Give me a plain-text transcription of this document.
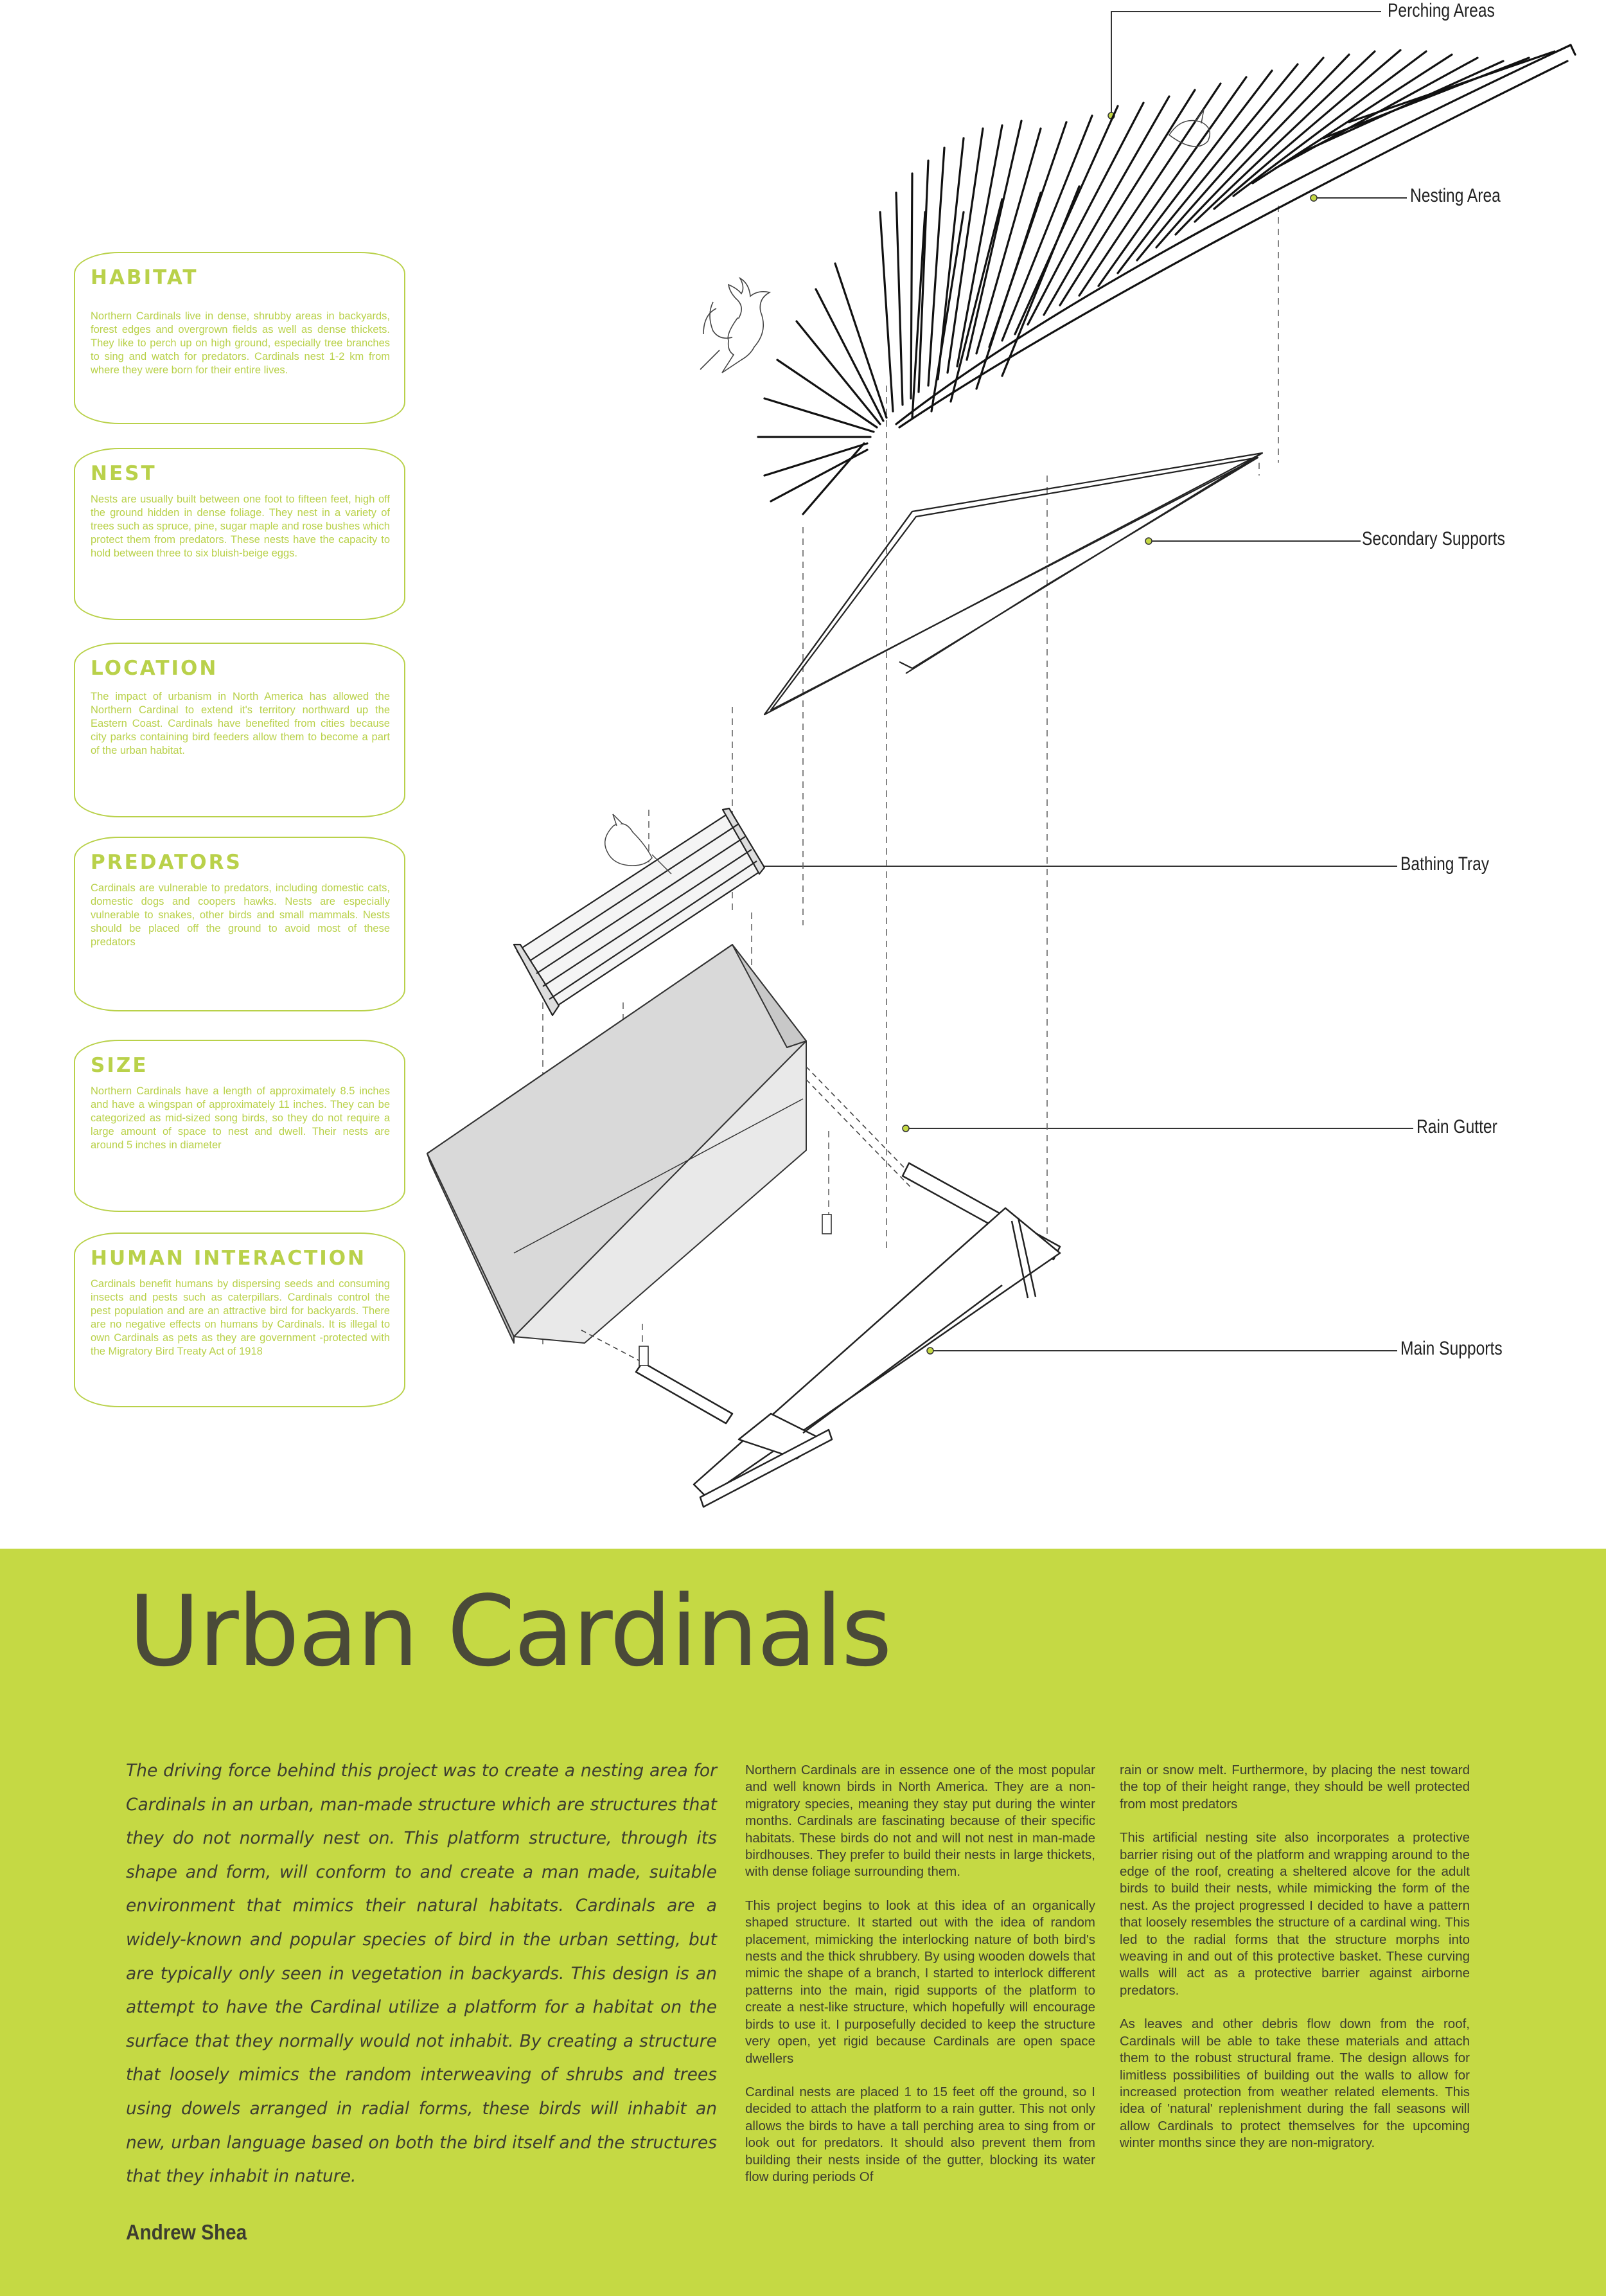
Perching Areas
Nesting Area
Secondary Supports
Bathing Tray
Rain Gutter
Main Supports
HABITAT

Northern Cardinals live in dense, shrubby areas in backyards, forest edges and overgrown fields as well as dense thickets. They like to perch up on high ground, especially tree branches to sing and watch for predators. Cardinals nest 1-2 km from where they were born for their entire lives.

NEST

Nests are usually built between one foot to fifteen feet, high off the ground hidden in dense foliage. They nest in a variety of trees such as spruce, pine, sugar maple and rose bushes which protect them from predators. These nests have the capacity to hold between three to six bluish-beige eggs.

LOCATION

The impact of urbanism in North America has allowed the Northern Cardinal to extend it's territory northward up the Eastern Coast. Cardinals have benefited from cities because city parks containing bird feeders allow them to become a part of the urban habitat.

PREDATORS

Cardinals are vulnerable to predators, including domestic cats, domestic dogs and coopers hawks. Nests are especially vulnerable to snakes, other birds and small mammals. Nests should be placed off the ground to avoid most of these predators

SIZE

Northern Cardinals have a length of approximately 8.5 inches and have a wingspan of approximately 11 inches. They can be categorized as mid-sized song birds, so they do not require a large amount of space to nest and dwell. Their nests are around 5 inches in diameter

HUMAN INTERACTION

Cardinals benefit humans by dispersing seeds and consuming insects and pests such as caterpillars. Cardinals control the pest population and are an attractive bird for backyards. There are no negative effects on humans by Cardinals. It is illegal to own Cardinals as pets as they are government -protected with the Migratory Bird Treaty Act of 1918

Urban Cardinals
The driving force behind this project was to create a nesting area for Cardinals in an urban, man-made structure which are structures that they do not normally nest on. This platform structure, through its shape and form, will conform to and create a man made, suitable environment that mimics their natural habitats. Cardinals are a widely-known and popular species of bird in the urban setting, but are typically only seen in vegetation in backyards. This design is an attempt to have the Cardinal utilize a platform for a habitat on the surface that they normally would not inhabit. By creating a structure that loosely mimics the random interweaving of shrubs and trees using dowels arranged in radial forms, these birds will inhabit an new, urban language based on both the bird itself and the structures that they inhabit in nature.
Andrew Shea

Northern Cardinals are in essence one of the most popular and well known birds in North America. They are a non-migratory species, meaning they stay put during the winter months. Cardinals are fascinating because of their specific habitats. These birds do not and will not nest in man-made birdhouses. They prefer to build their nests in large thickets, with dense foliage surrounding them.

This project begins to look at this idea of an organically shaped structure. It started out with the idea of random placement, mimicking the interlocking nature of both bird's nests and the thick shrubbery. By using wooden dowels that mimic the shape of a branch, I started to interlock different patterns into the main, rigid supports of the platform to create a nest-like structure, which hopefully will encourage birds to use it. I purposefully decided to keep the structure very open, yet rigid because Cardinals are open space dwellers

Cardinal nests are placed 1 to 15 feet off the ground, so I decided to attach the platform to a rain gutter. This not only allows the birds to have a tall perching area to sing from or look out for predators. It should also prevent them from building their nests inside of the gutter, blocking its water flow during periods Of

rain or snow melt. Furthermore, by placing the nest toward the top of their height range, they should be well protected from most predators

This artificial nesting site also incorporates a protective barrier rising out of the platform and wrapping around to the edge of the roof, creating a sheltered alcove for the adult birds to build their nests, while mimicking the form of the nest. As the project progressed I decided to have a pattern that loosely resembles the structure of a cardinal wing. This led to the radial forms that the structure morphs into weaving in and out of this protective basket. These curving walls will act as a protective barrier against airborne predators.

As leaves and other debris flow down from the roof, Cardinals will be able to take these materials and attach them to the robust structural frame. The design allows for limitless possibilities of building out the walls to allow for increased protection from weather related elements. This idea of 'natural' replenishment during the fall seasons will allow Cardinals to protect themselves for the upcoming winter months since they are non-migratory.
